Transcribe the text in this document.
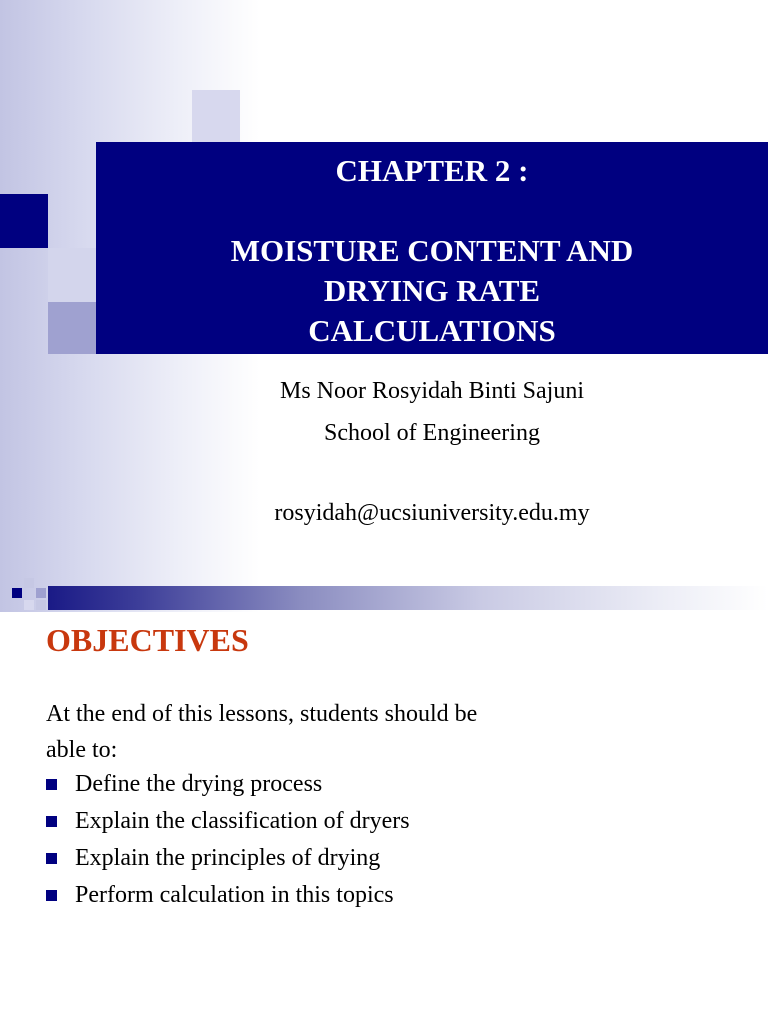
CHAPTER 2 :
MOISTURE CONTENT AND
DRYING RATE
CALCULATIONS
Ms Noor Rosyidah Binti Sajuni
School of Engineering
rosyidah@ucsiuniversity.edu.my
OBJECTIVES
At the end of this lessons, students should be able to:
Define the drying process
Explain the classification of dryers
Explain the principles of drying
Perform calculation in this topics
